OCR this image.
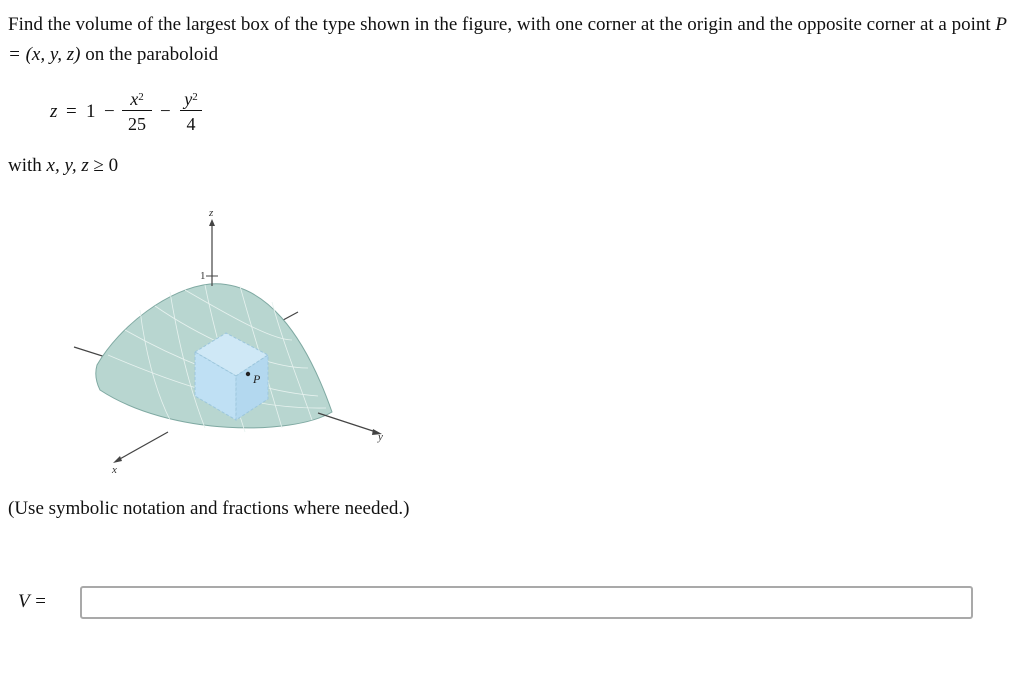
Find the volume of the largest box of the type shown in the figure, with one corner at the origin and the opposite corner at a point P = (x, y, z) on the paraboloid
z = 1 −
$x^2$
25
−
$y^2$
4
with x, y, z ≥ 0
z
1
P
y
x
(Use symbolic notation and fractions where needed.)
V =
